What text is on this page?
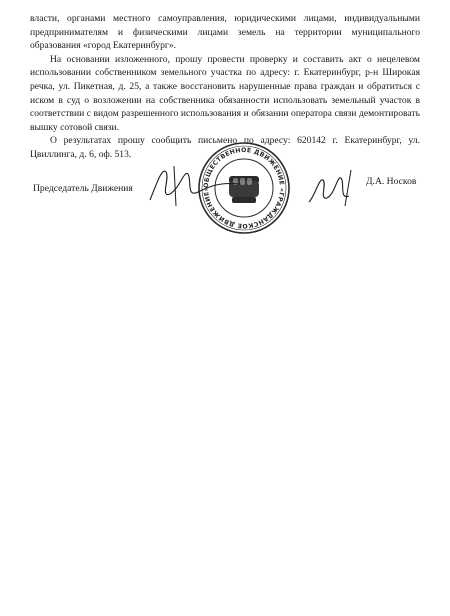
власти, органами местного самоуправления, юридическими лицами, индивидуальными предпринимателям и физическими лицами земель на территории муниципального образования «город Екатеринбург».

На основании изложенного, прошу провести проверку и составить акт о нецелевом использовании собственником земельного участка по адресу: г. Екатеринбург, р-н Широкая речка, ул. Пикетная, д. 25, а также восстановить нарушенные права граждан и обратиться с иском в суд о возложении на собственника обязанности использовать земельный участок в соответствии с видом разрешенного использования и обязании оператора связи демонтировать вышку сотовой связи.

О результатах прошу сообщить письмено по адресу: 620142 г. Екатеринбург, ул. Цвиллинга, д. 6, оф. 513.

ОБЩЕСТВЕННОЕ ДВИЖЕНИЕ «ГРАЖДАНСКОЕ ДВИЖЕНИЕ»
Председатель Движения
Д.А. Носков
